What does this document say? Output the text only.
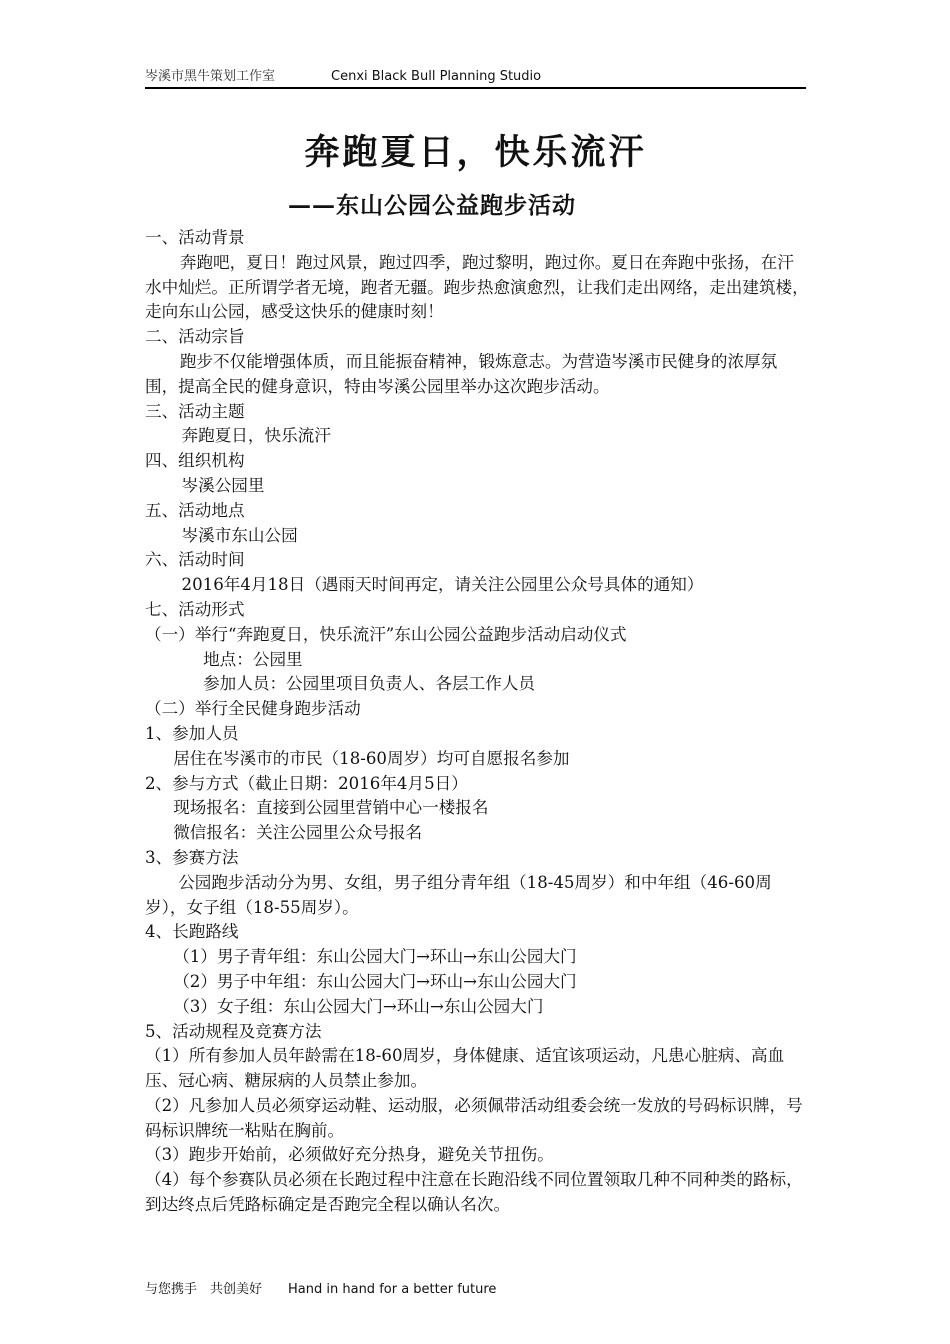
岑溪市黑牛策划工作室	Cenxi Black Bull Planning Studio
奔跑夏日，快乐流汗
——东山公园公益跑步活动

一、活动背景

奔跑吧，夏日！跑过风景，跑过四季，跑过黎明，跑过你。夏日在奔跑中张扬，在汗水中灿烂。正所谓学者无境，跑者无疆。跑步热愈演愈烈，让我们走出网络，走出建筑楼，走向东山公园，感受这快乐的健康时刻！

二、活动宗旨

跑步不仅能增强体质，而且能振奋精神，锻炼意志。为营造岑溪市民健身的浓厚氛围，提高全民的健身意识，特由岑溪公园里举办这次跑步活动。

三、活动主题

奔跑夏日，快乐流汗

四、组织机构

岑溪公园里

五、活动地点

岑溪市东山公园

六、活动时间

2016年4月18日（遇雨天时间再定，请关注公园里公众号具体的通知）

七、活动形式

（一）举行“奔跑夏日，快乐流汗”东山公园公益跑步活动启动仪式

地点：公园里

参加人员：公园里项目负责人、各层工作人员

（二）举行全民健身跑步活动

1、参加人员

居住在岑溪市的市民（18-60周岁）均可自愿报名参加

2、参与方式（截止日期：2016年4月5日）

现场报名：直接到公园里营销中心一楼报名

微信报名：关注公园里公众号报名

3、参赛方法

公园跑步活动分为男、女组，男子组分青年组（18-45周岁）和中年组（46-60周岁），女子组（18-55周岁）。

4、长跑路线

（1）男子青年组：东山公园大门→环山→东山公园大门

（2）男子中年组：东山公园大门→环山→东山公园大门

（3）女子组：东山公园大门→环山→东山公园大门

5、活动规程及竞赛方法

（1）所有参加人员年龄需在18-60周岁，身体健康、适宜该项运动，凡患心脏病、高血压、冠心病、糖尿病的人员禁止参加。

（2）凡参加人员必须穿运动鞋、运动服，必须佩带活动组委会统一发放的号码标识牌，号码标识牌统一粘贴在胸前。

（3）跑步开始前，必须做好充分热身，避免关节扭伤。

（4）每个参赛队员必须在长跑过程中注意在长跑沿线不同位置领取几种不同种类的路标，到达终点后凭路标确定是否跑完全程以确认名次。

与您携手　共创美好 Hand in hand for a better future
